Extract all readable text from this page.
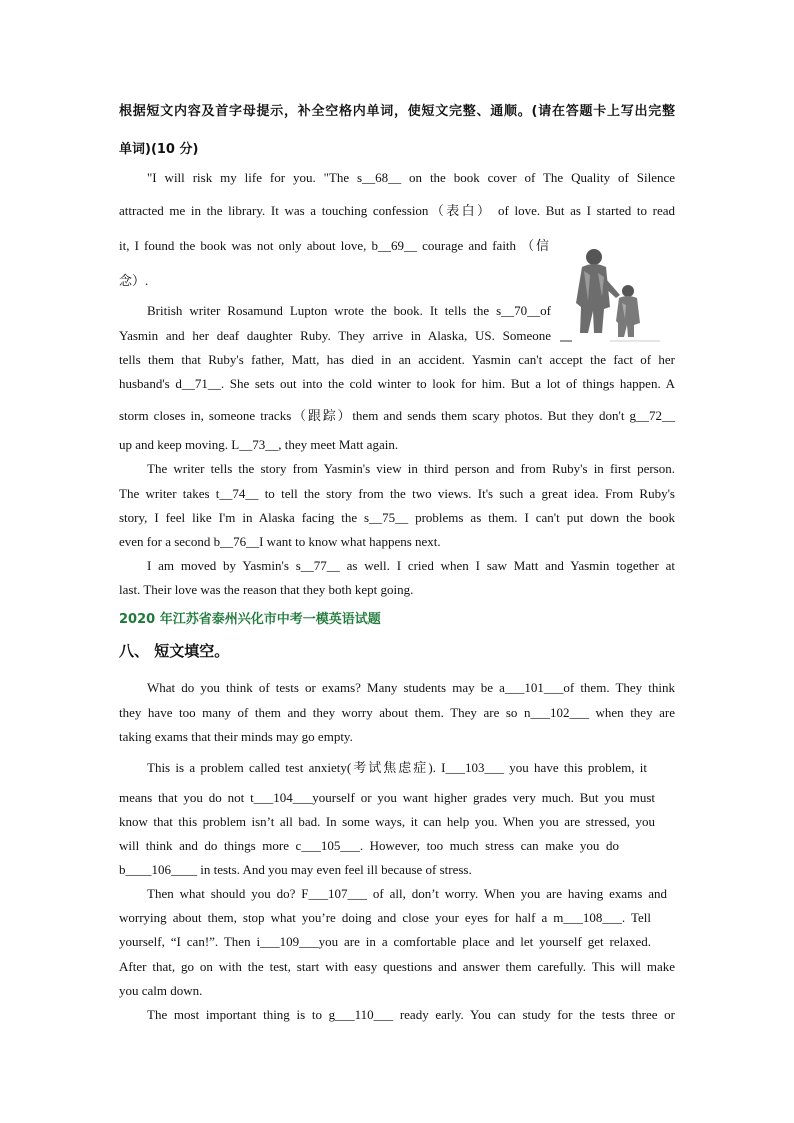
根据短文内容及首字母提示，补全空格内单词，使短文完整、通顺。(请在答题卡上写出完整

单词)(10 分)

"I will risk my life for you. "The s__68__ on the book cover of The Quality of Silence
attracted me in the library. It was a touching confession（表白） of love. But as I started to read
it, I found the book was not only about love, b__69__ courage and faith （信
念）.
British writer Rosamund Lupton wrote the book. It tells the s__70__of
Yasmin and her deaf daughter Ruby. They arrive in Alaska, US. Someone
tells them that Ruby's father, Matt, has died in an accident. Yasmin can't accept the fact of her
husband's d__71__. She sets out into the cold winter to look for him. But a lot of things happen. A
storm closes in, someone tracks（跟踪）them and sends them scary photos. But they don't g__72__
up and keep moving. L__73__, they meet Matt again.
The writer tells the story from Yasmin's view in third person and from Ruby's in first person.
The writer takes t__74__ to tell the story from the two views. It's such a great idea. From Ruby's
story, I feel like I'm in Alaska facing the s__75__ problems as them. I can't put down the book
even for a second b__76__I want to know what happens next.
I am moved by Yasmin's s__77__ as well. I cried when I saw Matt and Yasmin together at
last. Their love was the reason that they both kept going.
2020 年江苏省泰州兴化市中考一模英语试题
八、 短文填空。
What do you think of tests or exams? Many students may be a___101___of them. They think
they have too many of them and they worry about them. They are so n___102___ when they are
taking exams that their minds may go empty.
This is a problem called test anxiety(考试焦虑症). I___103___ you have this problem, it
means that you do not t___104___yourself or you want higher grades very much. But you must
know that this problem isn’t all bad. In some ways, it can help you. When you are stressed, you
will think and do things more c___105___. However, too much stress can make you do
b____106____ in tests. And you may even feel ill because of stress.
Then what should you do? F___107___ of all, don’t worry. When you are having exams and
worrying about them, stop what you’re doing and close your eyes for half a m___108___. Tell
yourself, “I can!”. Then i___109___you are in a comfortable place and let yourself get relaxed.
After that, go on with the test, start with easy questions and answer them carefully. This will make
you calm down.
The most important thing is to g___110___ ready early. You can study for the tests three or
